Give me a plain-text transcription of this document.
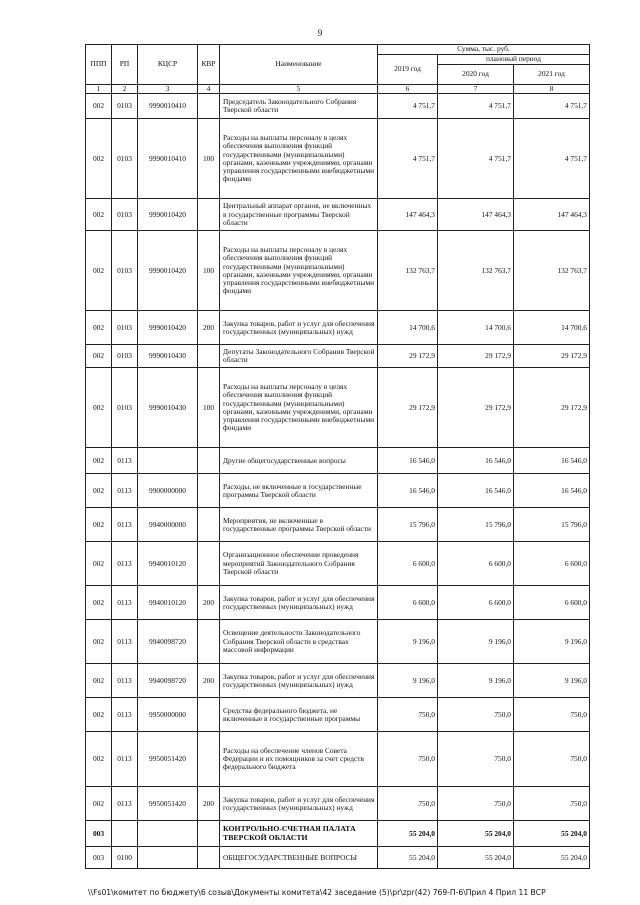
9
ППП	РП	КЦСР	КВР	Наименование	Сумма, тыс. руб.		
					2019 год	плановый период	
						2020 год	2021 год
1	2	3	4	5	6	7	8
002	0103	9990010410		Председатель Законодательного Собрания Тверской области	4 751,7	4 751,7	4 751,7
002	0103	9990010410	100	Расходы на выплаты персоналу в целях обеспечения выполнения функций государственными (муниципальными) органами, казенными учреждениями, органами управления государственными внебюджетными фондами	4 751,7	4 751,7	4 751,7
002	0103	9990010420		Центральный аппарат органов, не включенных в государственные программы Тверской области	147 464,3	147 464,3	147 464,3
002	0103	9990010420	100	Расходы на выплаты персоналу в целях обеспечения выполнения функций государственными (муниципальными) органами, казенными учреждениями, органами управления государственными внебюджетными фондами	132 763,7	132 763,7	132 763,7
002	0103	9990010420	200	Закупка товаров, работ и услуг для обеспечения государственных (муниципальных) нужд	14 700,6	14 700,6	14 700,6
002	0103	9990010430		Депутаты Законодательного Собрания Тверской области	29 172,9	29 172,9	29 172,9
002	0103	9990010430	100	Расходы на выплаты персоналу в целях обеспечения выполнения функций государственными (муниципальными) органами, казенными учреждениями, органами управления государственными внебюджетными фондами	29 172,9	29 172,9	29 172,9
002	0113			Другие общегосударственные вопросы	16 546,0	16 546,0	16 546,0
002	0113	9900000000		Расходы, не включенные в государственные программы Тверской области	16 546,0	16 546,0	16 546,0
002	0113	9940000000		Мероприятия, не включенные в государственные программы Тверской области	15 796,0	15 796,0	15 796,0
002	0113	9940010120		Организационное обеспечение проведения мероприятий Законодательного Собрания Тверской области	6 600,0	6 600,0	6 600,0
002	0113	9940010120	200	Закупка товаров, работ и услуг для обеспечения государственных (муниципальных) нужд	6 600,0	6 600,0	6 600,0
002	0113	9940098720		Освещение деятельности Законодательного Собрания Тверской области в средствах массовой информации	9 196,0	9 196,0	9 196,0
002	0113	9940098720	200	Закупка товаров, работ и услуг для обеспечения государственных (муниципальных) нужд	9 196,0	9 196,0	9 196,0
002	0113	9950000000		Средства федерального бюджета, не включенные в государственные программы	750,0	750,0	750,0
002	0113	9950051420		Расходы на обеспечение членов Совета Федерации и их помощников за счет средств федерального бюджета	750,0	750,0	750,0
002	0113	9950051420	200	Закупка товаров, работ и услуг для обеспечения государственных (муниципальных) нужд	750,0	750,0	750,0
003				КОНТРОЛЬНО-СЧЕТНАЯ ПАЛАТА ТВЕРСКОЙ ОБЛАСТИ	55 204,0	55 204,0	55 204,0
003	0100			ОБЩЕГОСУДАРСТВЕННЫЕ ВОПРОСЫ	55 204,0	55 204,0	55 204,0
\\Fs01\комитет по бюджету\6 созыв\Документы комитета\42 заседание (5)\pr\zpr(42) 769-П-6\Прил 4 Прил 11 ВСР
